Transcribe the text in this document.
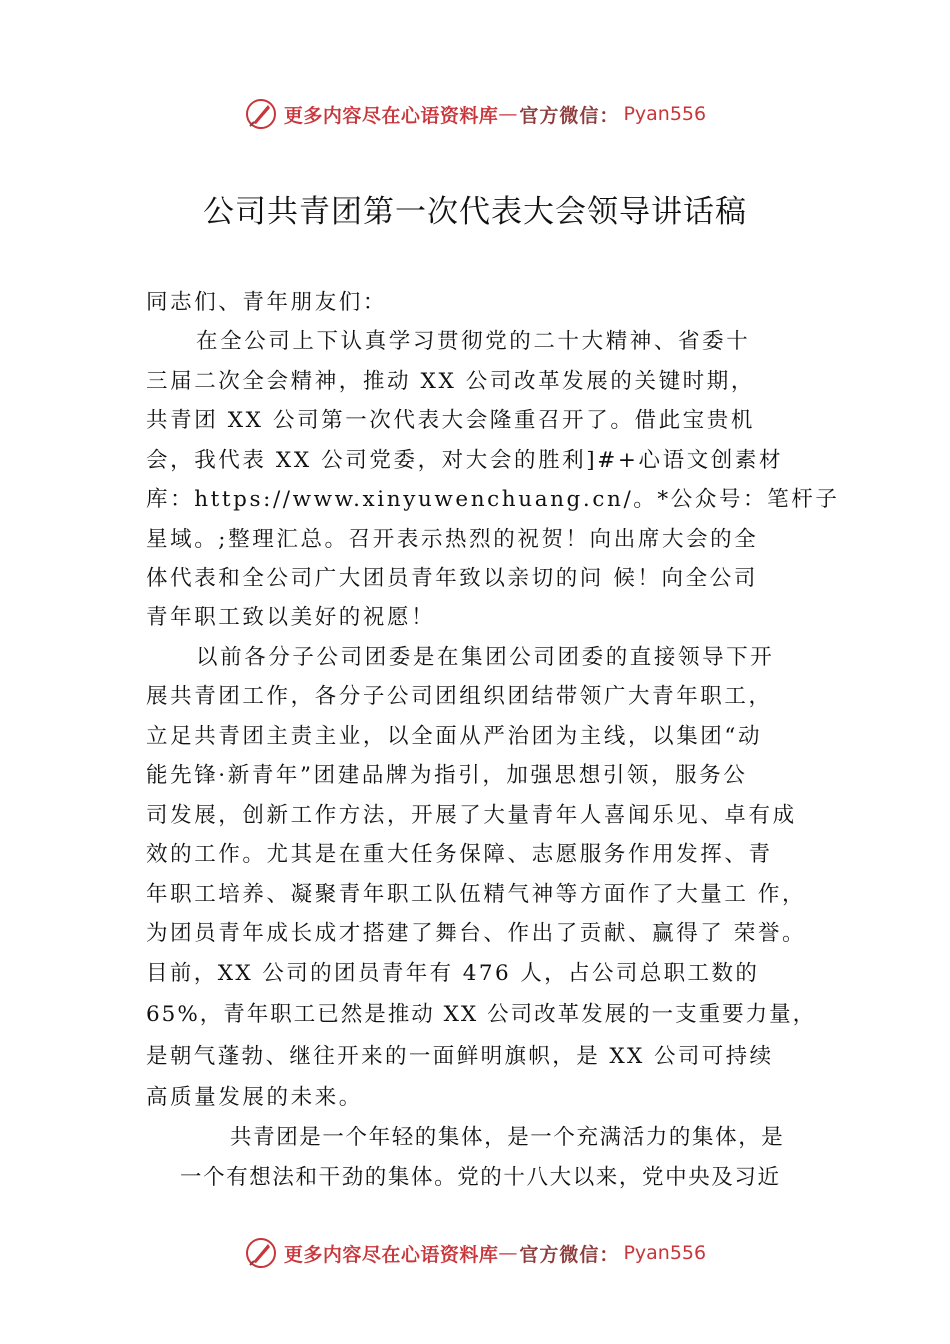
更多内容尽在心语资料库 — 官方微信： Pyan556
公司共青团第一次代表大会领导讲话稿
同志们、青年朋友们：
在全公司上下认真学习贯彻党的二十大精神、省委十
三届二次全会精神，推动 XX 公司改革发展的关键时期，
共青团 XX 公司第一次代表大会隆重召开了。借此宝贵机
会，我代表 XX 公司党委，对大会的胜利]#+心语文创素材
库：https://www.xinyuwenchuang.cn/。*公众号：笔杆子
星域。;整理汇总。召开表示热烈的祝贺！向出席大会的全
体代表和全公司广大团员青年致以亲切的问 候！向全公司
青年职工致以美好的祝愿！
以前各分子公司团委是在集团公司团委的直接领导下开
展共青团工作，各分子公司团组织团结带领广大青年职工，
立足共青团主责主业，以全面从严治团为主线，以集团“动
能先锋·新青年”团建品牌为指引，加强思想引领，服务公
司发展，创新工作方法，开展了大量青年人喜闻乐见、卓有成
效的工作。尤其是在重大任务保障、志愿服务作用发挥、青
年职工培养、凝聚青年职工队伍精气神等方面作了大量工 作，
为团员青年成长成才搭建了舞台、作出了贡献、赢得了 荣誉。
目前，XX 公司的团员青年有 476 人，占公司总职工数的
65%，青年职工已然是推动 XX 公司改革发展的一支重要力量，
是朝气蓬勃、继往开来的一面鲜明旗帜，是 XX 公司可持续
高质量发展的未来。
共青团是一个年轻的集体，是一个充满活力的集体，是
一个有想法和干劲的集体。党的十八大以来，党中央及习近
更多内容尽在心语资料库 — 官方微信： Pyan556
